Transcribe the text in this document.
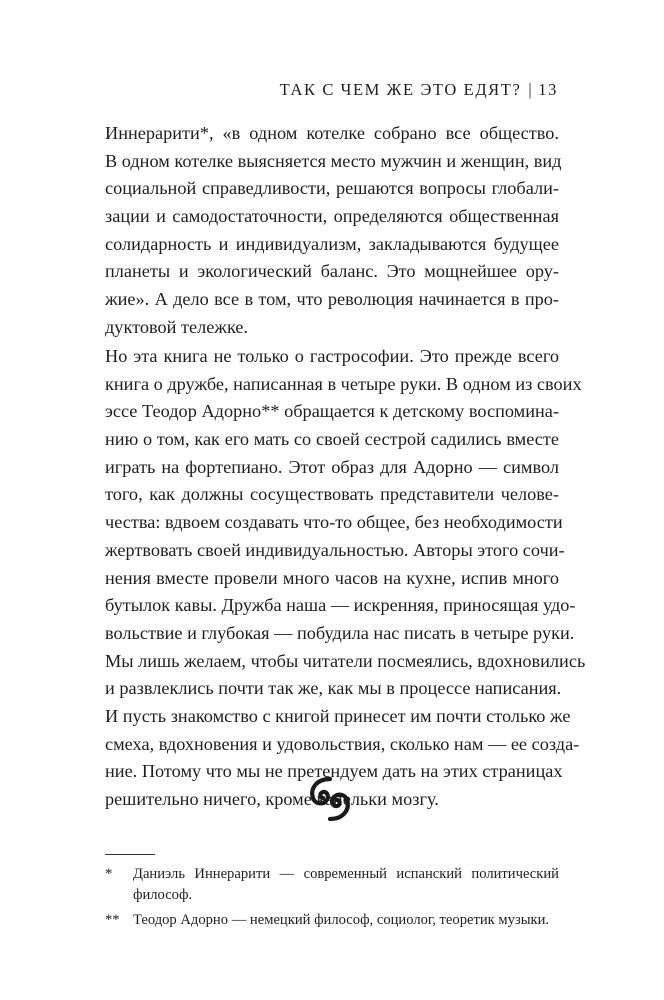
ТАК С ЧЕМ ЖЕ ЭТО ЕДЯТ? | 13
Иннерарити*, «в одном котелке собрано все общество.
В одном котелке выясняется место мужчин и женщин, вид
социальной справедливости, решаются вопросы глобали-
зации и самодостаточности, определяются общественная
солидарность и индивидуализм, закладываются будущее
планеты и экологический баланс. Это мощнейшее ору-
жие». А дело все в том, что революция начинается в про-
дуктовой тележке.
Но эта книга не только о гастрософии. Это прежде всего
книга о дружбе, написанная в четыре руки. В одном из своих
эссе Теодор Адорно** обращается к детскому воспомина-
нию о том, как его мать со своей сестрой садились вместе
играть на фортепиано. Этот образ для Адорно — символ
того, как должны сосуществовать представители челове-
чества: вдвоем создавать что-то общее, без необходимости
жертвовать своей индивидуальностью. Авторы этого сочи-
нения вместе провели много часов на кухне, испив много
бутылок кавы. Дружба наша — искренняя, приносящая удо-
вольствие и глубокая — побудила нас писать в четыре руки.
Мы лишь желаем, чтобы читатели посмеялись, вдохновились
и развлеклись почти так же, как мы в процессе написания.
И пусть знакомство с книгой принесет им почти столько же
смеха, вдохновения и удовольствия, сколько нам — ее созда-
ние. Потому что мы не претендуем дать на этих страницах
решительно ничего, кроме капельки мозгу.
* Даниэль Иннерарити — современный испанский политический
философ.
** Теодор Адорно — немецкий философ, социолог, теоретик музыки.
